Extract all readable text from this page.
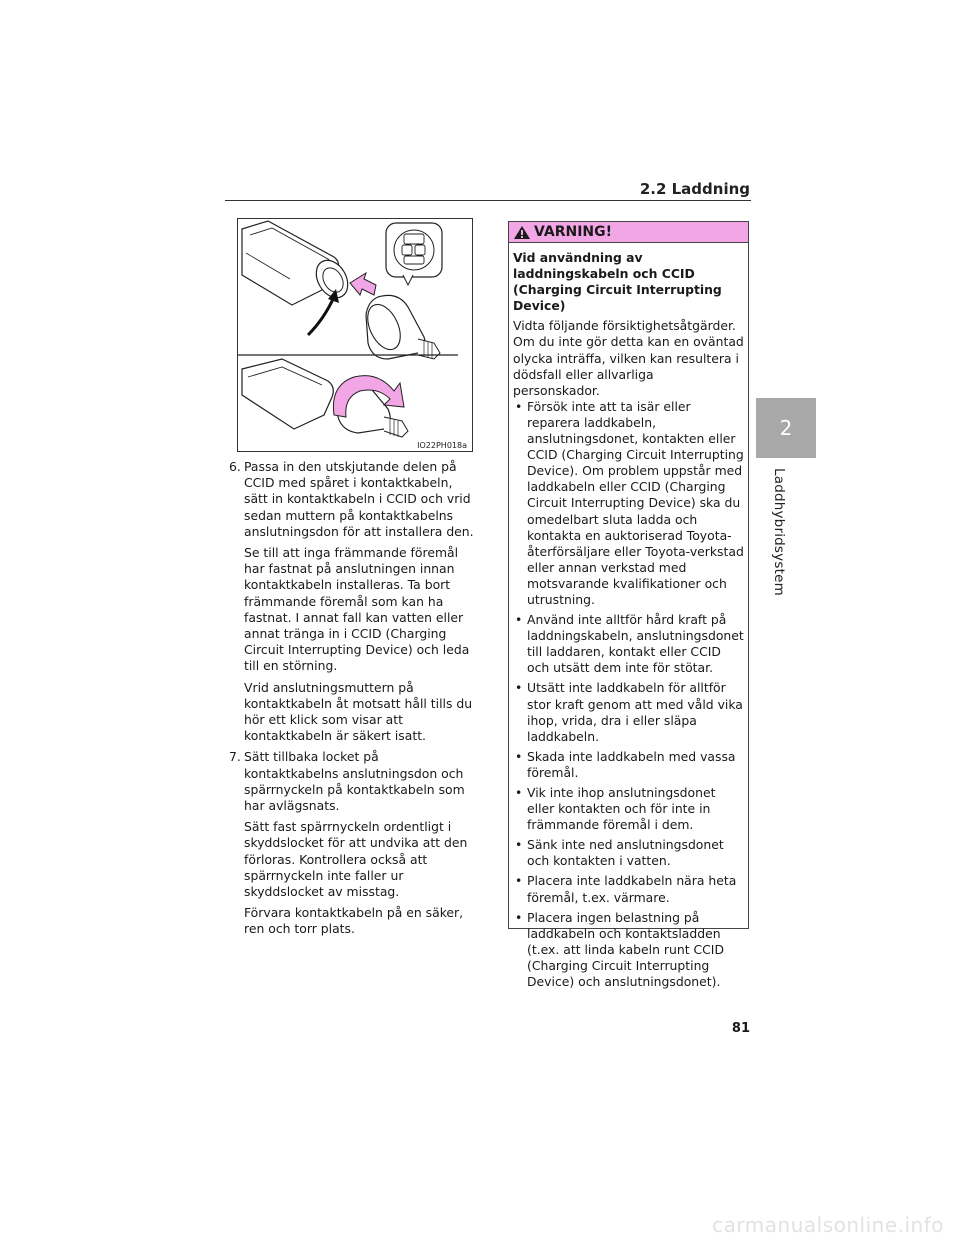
2.2 Laddning
IO22PH018a
6. Passa in den utskjutande delen på CCID med spåret i kontaktkabeln, sätt in kontaktkabeln i CCID och vrid sedan muttern på kontaktkabelns anslutningsdon för att installera den.

Se till att inga främmande föremål har fastnat på anslutningen innan kontaktkabeln installeras. Ta bort främmande föremål som kan ha fastnat. I annat fall kan vatten eller annat tränga in i CCID (Charging Circuit Interrupting Device) och leda till en störning.

Vrid anslutningsmuttern på kontaktkabeln åt motsatt håll tills du hör ett klick som visar att kontaktkabeln är säkert isatt.

7. Sätt tillbaka locket på kontaktkabelns anslutningsdon och spärrnyckeln på kontaktkabeln som har avlägsnats.

Sätt fast spärrnyckeln ordentligt i skyddslocket för att undvika att den förloras. Kontrollera också att spärrnyckeln inte faller ur skyddslocket av misstag.

Förvara kontaktkabeln på en säker, ren och torr plats.

VARNING!

Vid användning av laddningskabeln och CCID (Charging Circuit Interrupting Device)

Vidta följande försiktighetsåtgärder. Om du inte gör detta kan en oväntad olycka inträffa, vilken kan resultera i dödsfall eller allvarliga personskador.

• Försök inte att ta isär eller reparera laddkabeln, anslutningsdonet, kontakten eller CCID (Charging Circuit Interrupting Device). Om problem uppstår med laddkabeln eller CCID (Charging Circuit Interrupting Device) ska du omedelbart sluta ladda och kontakta en auktoriserad Toyota-återförsäljare eller Toyota-verkstad eller annan verkstad med motsvarande kvalifikationer och utrustning.
• Använd inte alltför hård kraft på laddningskabeln, anslutningsdonet till laddaren, kontakt eller CCID och utsätt dem inte för stötar.
• Utsätt inte laddkabeln för alltför stor kraft genom att med våld vika ihop, vrida, dra i eller släpa laddkabeln.
• Skada inte laddkabeln med vassa föremål.
• Vik inte ihop anslutningsdonet eller kontakten och för inte in främmande föremål i dem.
• Sänk inte ned anslutningsdonet och kontakten i vatten.
• Placera inte laddkabeln nära heta föremål, t.ex. värmare.
• Placera ingen belastning på laddkabeln och kontaktsladden (t.ex. att linda kabeln runt CCID (Charging Circuit Interrupting Device) och anslutningsdonet).
2
Laddhybridsystem
81
carmanualsonline.info
